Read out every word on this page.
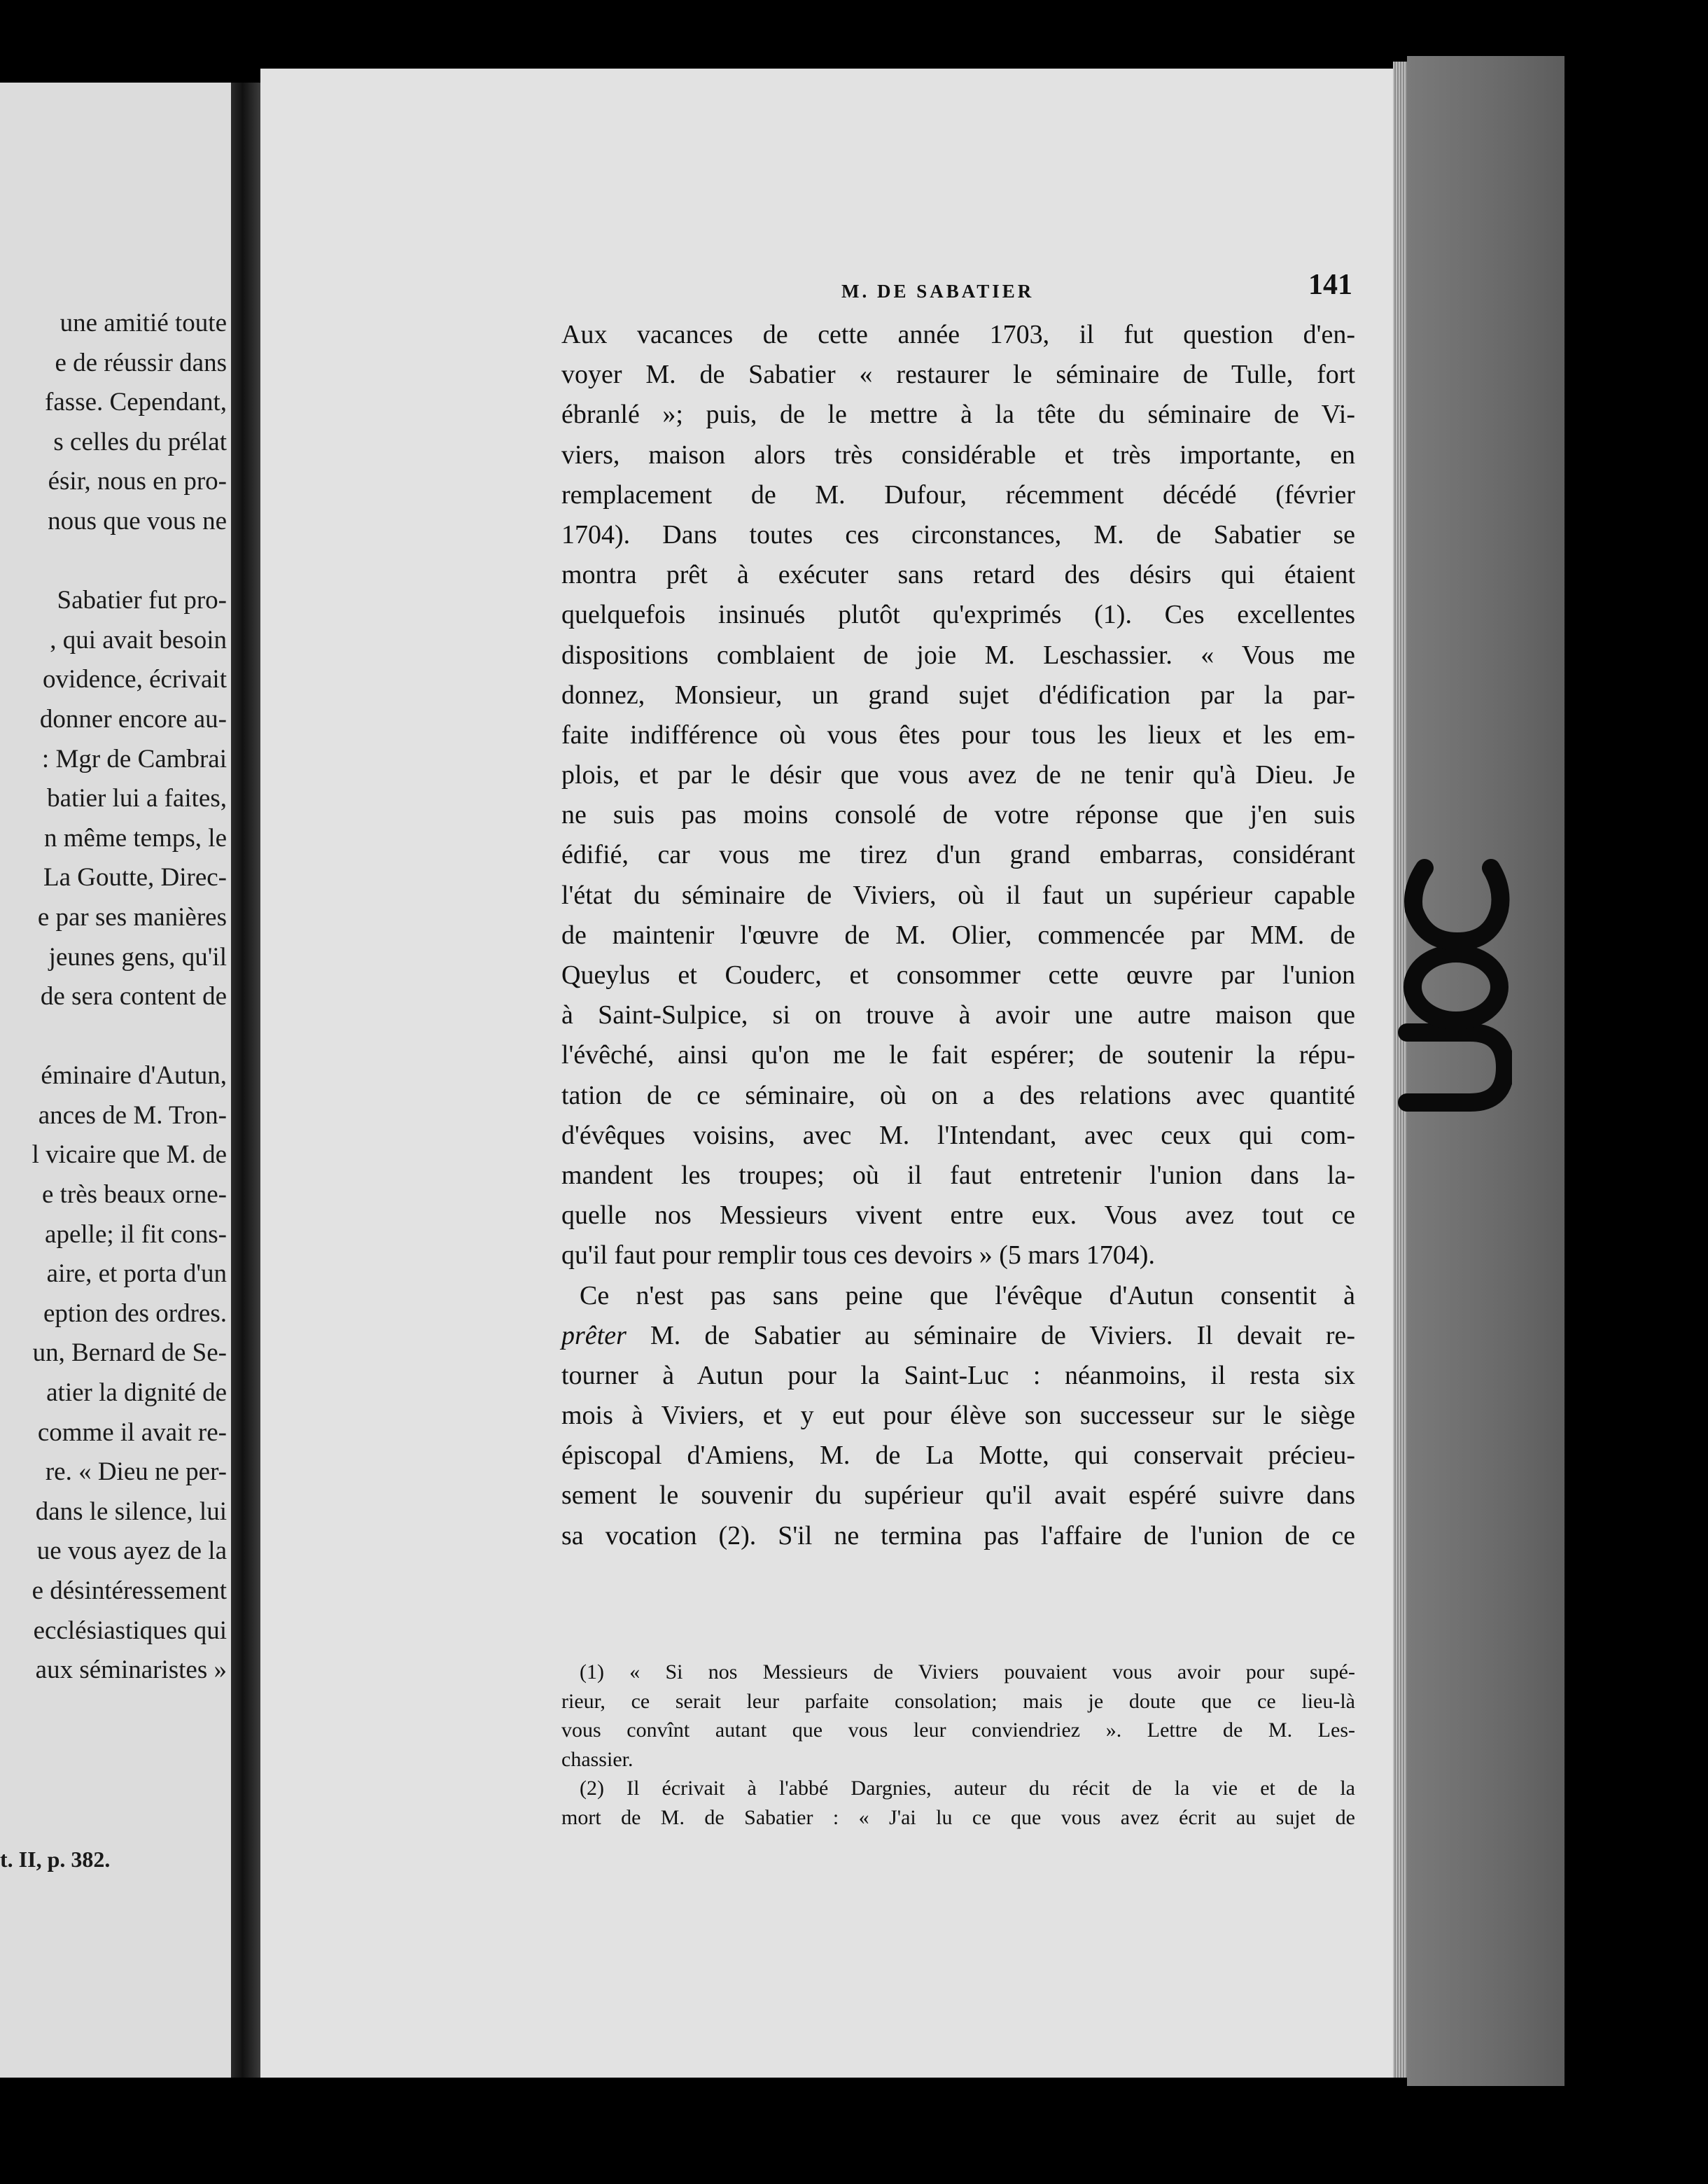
une amitié toute
e de réussir dans
fasse. Cependant,
s celles du prélat
ésir, nous en pro-
nous que vous ne
Sabatier fut pro-
, qui avait besoin
ovidence, écrivait
donner encore au-
: Mgr de Cambrai
batier lui a faites,
n même temps, le
La Goutte, Direc-
e par ses manières
jeunes gens, qu'il
de sera content de
éminaire d'Autun,
ances de M. Tron-
l vicaire que M. de
e très beaux orne-
apelle; il fit cons-
aire, et porta d'un
eption des ordres.
un, Bernard de Se-
atier la dignité de
comme il avait re-
re. « Dieu ne per-
dans le silence, lui
ue vous ayez de la
e désintéressement
ecclésiastiques qui
aux séminaristes »
t. II, p. 382.
M. DE SABATIER	141
Aux vacances de cette année 1703, il fut question d'en-
voyer M. de Sabatier « restaurer le séminaire de Tulle, fort
ébranlé »; puis, de le mettre à la tête du séminaire de Vi-
viers, maison alors très considérable et très importante, en
remplacement de M. Dufour, récemment décédé (février
1704). Dans toutes ces circonstances, M. de Sabatier se
montra prêt à exécuter sans retard des désirs qui étaient
quelquefois insinués plutôt qu'exprimés (1). Ces excellentes
dispositions comblaient de joie M. Leschassier. « Vous me
donnez, Monsieur, un grand sujet d'édification par la par-
faite indifférence où vous êtes pour tous les lieux et les em-
plois, et par le désir que vous avez de ne tenir qu'à Dieu. Je
ne suis pas moins consolé de votre réponse que j'en suis
édifié, car vous me tirez d'un grand embarras, considérant
l'état du séminaire de Viviers, où il faut un supérieur capable
de maintenir l'œuvre de M. Olier, commencée par MM. de
Queylus et Couderc, et consommer cette œuvre par l'union
à Saint-Sulpice, si on trouve à avoir une autre maison que
l'évêché, ainsi qu'on me le fait espérer; de soutenir la répu-
tation de ce séminaire, où on a des relations avec quantité
d'évêques voisins, avec M. l'Intendant, avec ceux qui com-
mandent les troupes; où il faut entretenir l'union dans la-
quelle nos Messieurs vivent entre eux. Vous avez tout ce
qu'il faut pour remplir tous ces devoirs » (5 mars 1704).
Ce n'est pas sans peine que l'évêque d'Autun consentit à
prêter M. de Sabatier au séminaire de Viviers. Il devait re-
tourner à Autun pour la Saint-Luc : néanmoins, il resta six
mois à Viviers, et y eut pour élève son successeur sur le siège
épiscopal d'Amiens, M. de La Motte, qui conservait précieu-
sement le souvenir du supérieur qu'il avait espéré suivre dans
sa vocation (2). S'il ne termina pas l'affaire de l'union de ce
(1) « Si nos Messieurs de Viviers pouvaient vous avoir pour supé-
rieur, ce serait leur parfaite consolation; mais je doute que ce lieu-là
vous convînt autant que vous leur conviendriez ». Lettre de M. Les-
chassier.
(2) Il écrivait à l'abbé Dargnies, auteur du récit de la vie et de la
mort de M. de Sabatier : « J'ai lu ce que vous avez écrit au sujet de
